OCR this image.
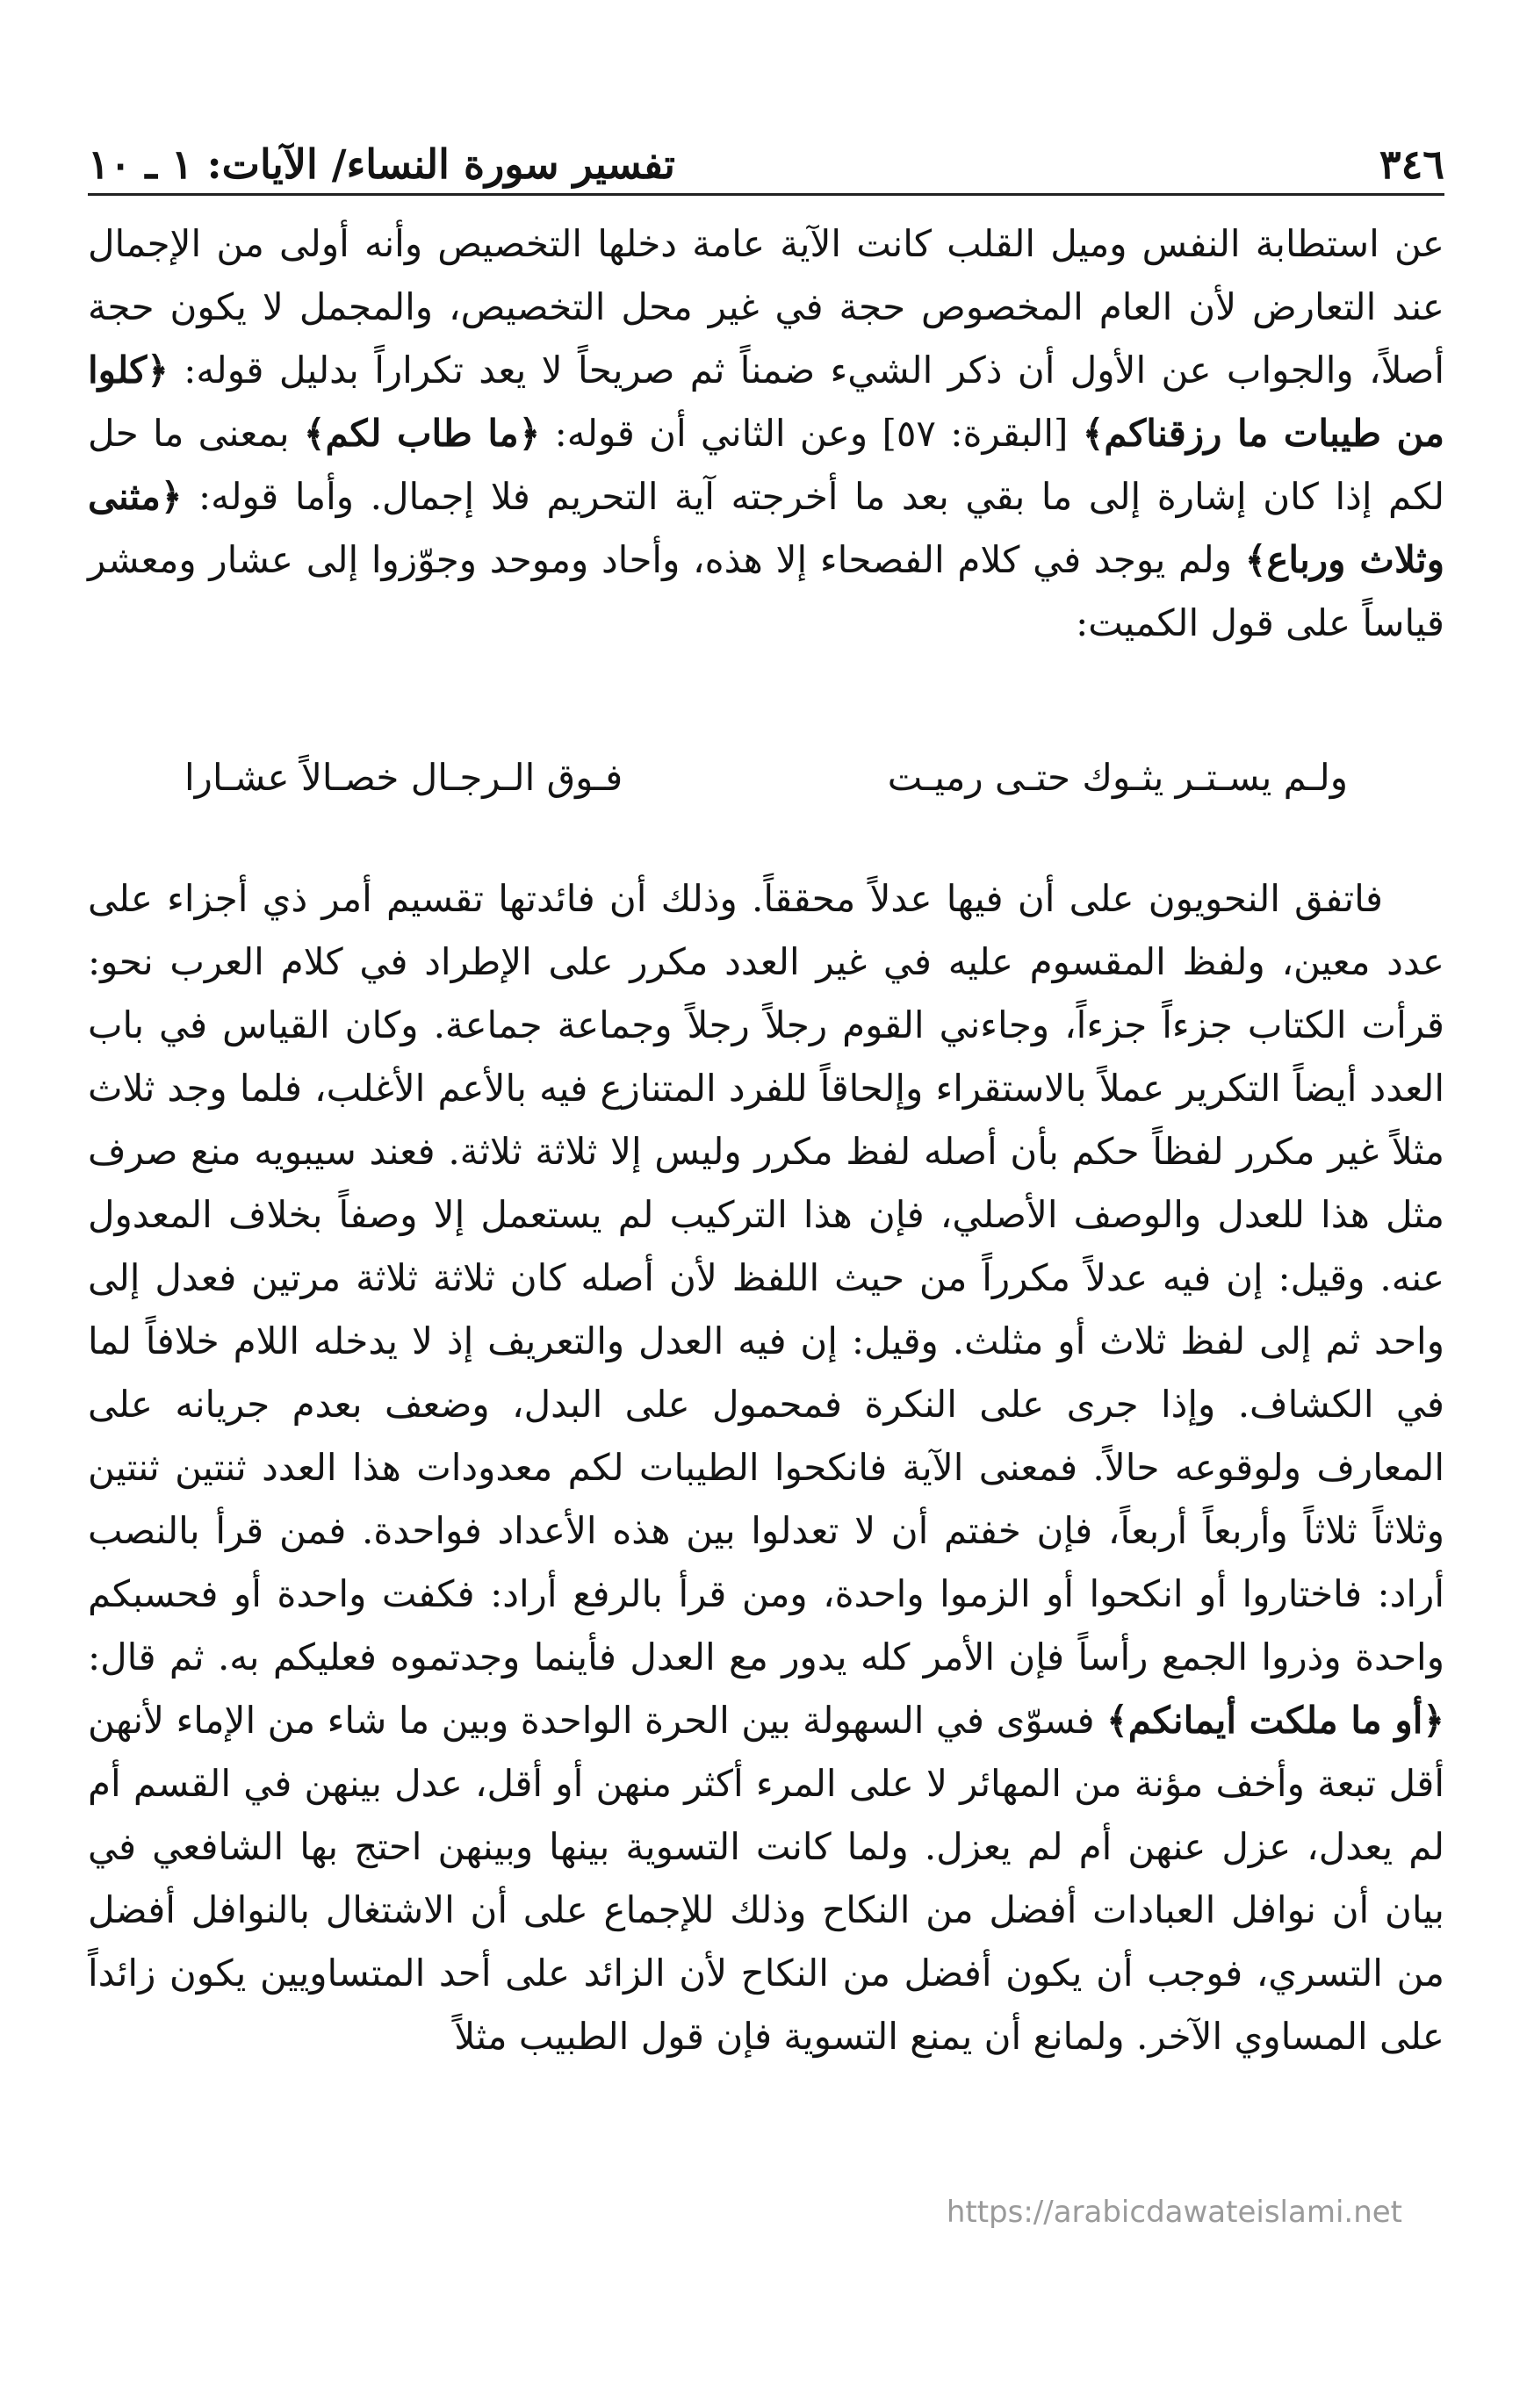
٣٤٦
تفسير سورة النساء/ الآيات: ١ ـ ١٠

عن استطابة النفس وميل القلب كانت الآية عامة دخلها التخصيص وأنه أولى من الإجمال عند التعارض لأن العام المخصوص حجة في غير محل التخصيص، والمجمل لا يكون حجة أصلاً، والجواب عن الأول أن ذكر الشيء ضمناً ثم صريحاً لا يعد تكراراً بدليل قوله: ﴿كلوا من طيبات ما رزقناكم﴾ [البقرة: ٥٧] وعن الثاني أن قوله: ﴿ما طاب لكم﴾ بمعنى ما حل لكم إذا كان إشارة إلى ما بقي بعد ما أخرجته آية التحريم فلا إجمال. وأما قوله: ﴿مثنى وثلاث ورباع﴾ ولم يوجد في كلام الفصحاء إلا هذه، وأحاد وموحد وجوّزوا إلى عشار ومعشر قياساً على قول الكميت:

ولـم يسـتـر يثـوك حتـى رميـت
فـوق الـرجـال خصـالاً عشـارا

فاتفق النحويون على أن فيها عدلاً محققاً. وذلك أن فائدتها تقسيم أمر ذي أجزاء على عدد معين، ولفظ المقسوم عليه في غير العدد مكرر على الإطراد في كلام العرب نحو: قرأت الكتاب جزءاً جزءاً، وجاءني القوم رجلاً رجلاً وجماعة جماعة. وكان القياس في باب العدد أيضاً التكرير عملاً بالاستقراء وإلحاقاً للفرد المتنازع فيه بالأعم الأغلب، فلما وجد ثلاث مثلاً غير مكرر لفظاً حكم بأن أصله لفظ مكرر وليس إلا ثلاثة ثلاثة. فعند سيبويه منع صرف مثل هذا للعدل والوصف الأصلي، فإن هذا التركيب لم يستعمل إلا وصفاً بخلاف المعدول عنه. وقيل: إن فيه عدلاً مكرراً من حيث اللفظ لأن أصله كان ثلاثة ثلاثة مرتين فعدل إلى واحد ثم إلى لفظ ثلاث أو مثلث. وقيل: إن فيه العدل والتعريف إذ لا يدخله اللام خلافاً لما في الكشاف. وإذا جرى على النكرة فمحمول على البدل، وضعف بعدم جريانه على المعارف ولوقوعه حالاً. فمعنى الآية فانكحوا الطيبات لكم معدودات هذا العدد ثنتين ثنتين وثلاثاً ثلاثاً وأربعاً أربعاً، فإن خفتم أن لا تعدلوا بين هذه الأعداد فواحدة. فمن قرأ بالنصب أراد: فاختاروا أو انكحوا أو الزموا واحدة، ومن قرأ بالرفع أراد: فكفت واحدة أو فحسبكم واحدة وذروا الجمع رأساً فإن الأمر كله يدور مع العدل فأينما وجدتموه فعليكم به. ثم قال: ﴿أو ما ملكت أيمانكم﴾ فسوّى في السهولة بين الحرة الواحدة وبين ما شاء من الإماء لأنهن أقل تبعة وأخف مؤنة من المهائر لا على المرء أكثر منهن أو أقل، عدل بينهن في القسم أم لم يعدل، عزل عنهن أم لم يعزل. ولما كانت التسوية بينها وبينهن احتج بها الشافعي في بيان أن نوافل العبادات أفضل من النكاح وذلك للإجماع على أن الاشتغال بالنوافل أفضل من التسري، فوجب أن يكون أفضل من النكاح لأن الزائد على أحد المتساويين يكون زائداً على المساوي الآخر. ولمانع أن يمنع التسوية فإن قول الطبيب مثلاً

https://arabicdawateislami.net
